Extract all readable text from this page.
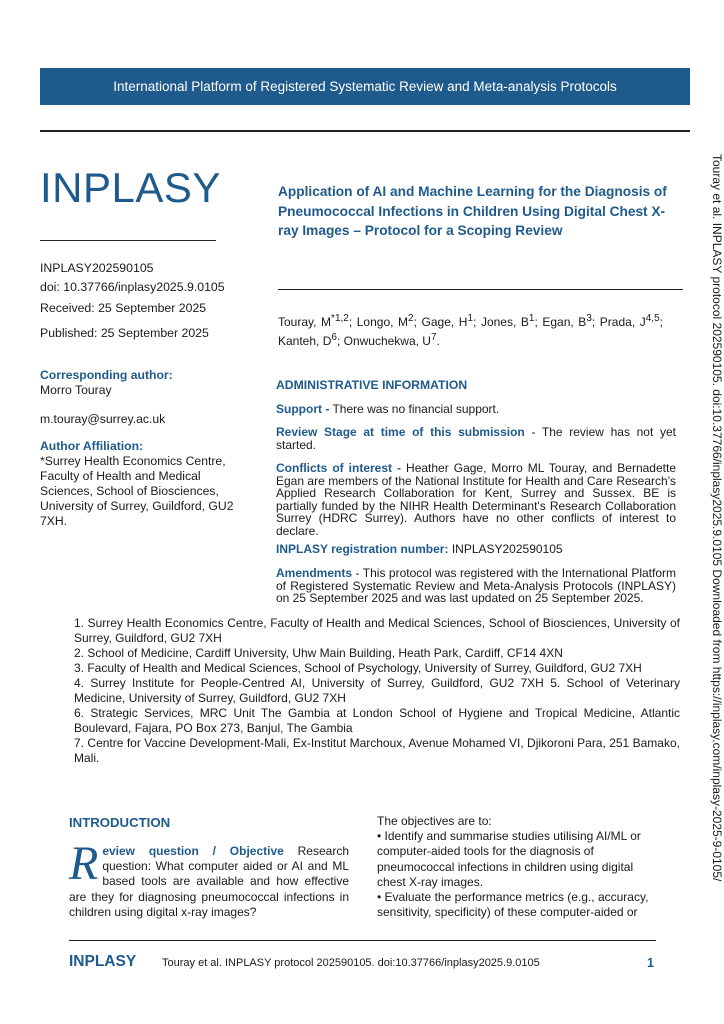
International Platform of Registered Systematic Review and Meta-analysis Protocols
INPLASY
INPLASY202590105
doi: 10.37766/inplasy2025.9.0105
Received: 25 September 2025
Published: 25 September 2025
Corresponding author:
Morro Touray
m.touray@surrey.ac.uk
Author Affiliation:
*Surrey Health Economics Centre, Faculty of Health and Medical Sciences, School of Biosciences, University of Surrey, Guildford, GU2 7XH.
Application of AI and Machine Learning for the Diagnosis of Pneumococcal Infections in Children Using Digital Chest X-ray Images – Protocol for a Scoping Review
Touray, M$^{*1,2}$; Longo, $M^2$; Gage, $H^1$; Jones, $B^1$; Egan, $B^3$; Prada, J$^{4,5}$; Kanteh, $D^6$; Onwuchekwa, $U^7$.
ADMINISTRATIVE INFORMATION
Support - There was no financial support.
Review Stage at time of this submission - The review has not yet started.
Conflicts of interest - Heather Gage, Morro ML Touray, and Bernadette Egan are members of the National Institute for Health and Care Research's Applied Research Collaboration for Kent, Surrey and Sussex. BE is partially funded by the NIHR Health Determinant's Research Collaboration Surrey (HDRC Surrey). Authors have no other conflicts of interest to declare.
INPLASY registration number: INPLASY202590105
Amendments - This protocol was registered with the International Platform of Registered Systematic Review and Meta-Analysis Protocols (INPLASY) on 25 September 2025 and was last updated on 25 September 2025.
1. Surrey Health Economics Centre, Faculty of Health and Medical Sciences, School of Biosciences, University of Surrey, Guildford, GU2 7XH
2. School of Medicine, Cardiff University, Uhw Main Building, Heath Park, Cardiff, CF14 4XN
3. Faculty of Health and Medical Sciences, School of Psychology, University of Surrey, Guildford, GU2 7XH
4. Surrey Institute for People-Centred AI, University of Surrey, Guildford, GU2 7XH 5. School of Veterinary Medicine, University of Surrey, Guildford, GU2 7XH
6. Strategic Services, MRC Unit The Gambia at London School of Hygiene and Tropical Medicine, Atlantic Boulevard, Fajara, PO Box 273, Banjul, The Gambia
7. Centre for Vaccine Development-Mali, Ex-Institut Marchoux, Avenue Mohamed VI, Djikoroni Para, 251 Bamako, Mali.
INTRODUCTION
Review question / Objective Research question: What computer aided or AI and ML based tools are available and how effective are they for diagnosing pneumococcal infections in children using digital x-ray images?
The objectives are to:
• Identify and summarise studies utilising AI/ML or computer-aided tools for the diagnosis of pneumococcal infections in children using digital chest X-ray images.
• Evaluate the performance metrics (e.g., accuracy, sensitivity, specificity) of these computer-aided or
INPLASY Touray et al. INPLASY protocol 202590105. doi:10.37766/inplasy2025.9.0105	1
Touray et al. INPLASY protocol 202590105. doi:10.37766/inplasy2025.9.0105 Downloaded from https://inplasy.com/inplasy-2025-9-0105/
